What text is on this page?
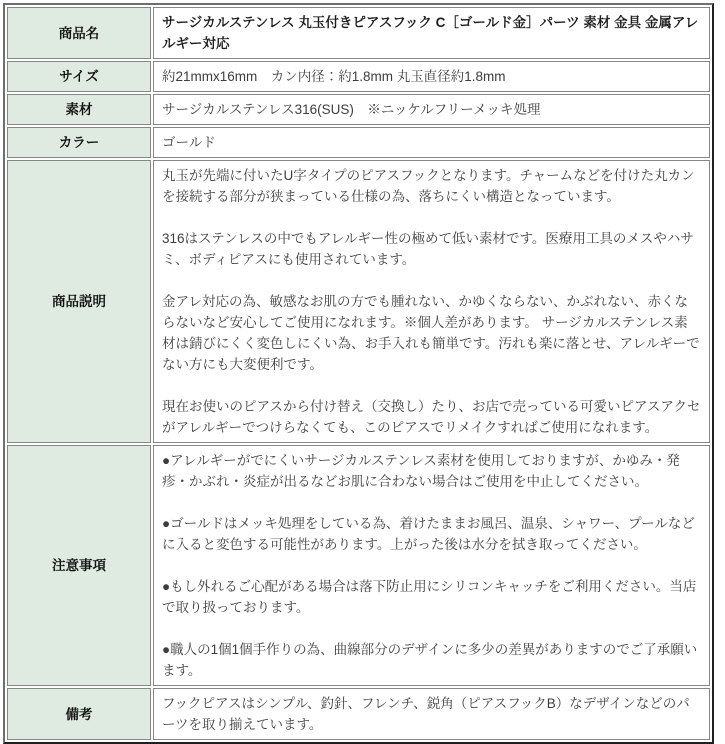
商品名	サージカルステンレス 丸玉付きピアスフック C［ゴールド金］パーツ 素材 金具 金属アレルギー対応

サイズ	約21mmx16mm　カン内径：約1.8mm 丸玉直径約1.8mm

素材	サージカルステンレス316(SUS)　※ニッケルフリーメッキ処理

カラー	ゴールド

商品説明	丸玉が先端に付いたU字タイプのピアスフックとなります。チャームなどを付けた丸カンを接続する部分が狭まっている仕様の為、落ちにくい構造となっています。

316はステンレスの中でもアレルギー性の極めて低い素材です。医療用工具のメスやハサミ、ボディピアスにも使用されています。

金アレ対応の為、敏感なお肌の方でも腫れない、かゆくならない、かぶれない、赤くならないなど安心してご使用になれます。※個人差があります。 サージカルステンレス素材は錆びにくく変色しにくい為、お手入れも簡単です。汚れも楽に落とせ、アレルギーでない方にも大変便利です。

現在お使いのピアスから付け替え（交換し）たり、お店で売っている可愛いピアスアクセがアレルギーでつけらなくても、このピアスでリメイクすればご使用になれます。

注意事項	●アレルギーがでにくいサージカルステンレス素材を使用しておりますが、かゆみ・発疹・かぶれ・炎症が出るなどお肌に合わない場合はご使用を中止してください。

●ゴールドはメッキ処理をしている為、着けたままお風呂、温泉、シャワー、プールなどに入ると変色する可能性があります。上がった後は水分を拭き取ってください。

●もし外れるご心配がある場合は落下防止用にシリコンキャッチをご利用ください。当店で取り扱っております。

●職人の1個1個手作りの為、曲線部分のデザインに多少の差異がありますのでご了承願います。

備考	フックピアスはシンプル、釣針、フレンチ、鋭角（ピアスフックB）なデザインなどのパーツを取り揃えています。
